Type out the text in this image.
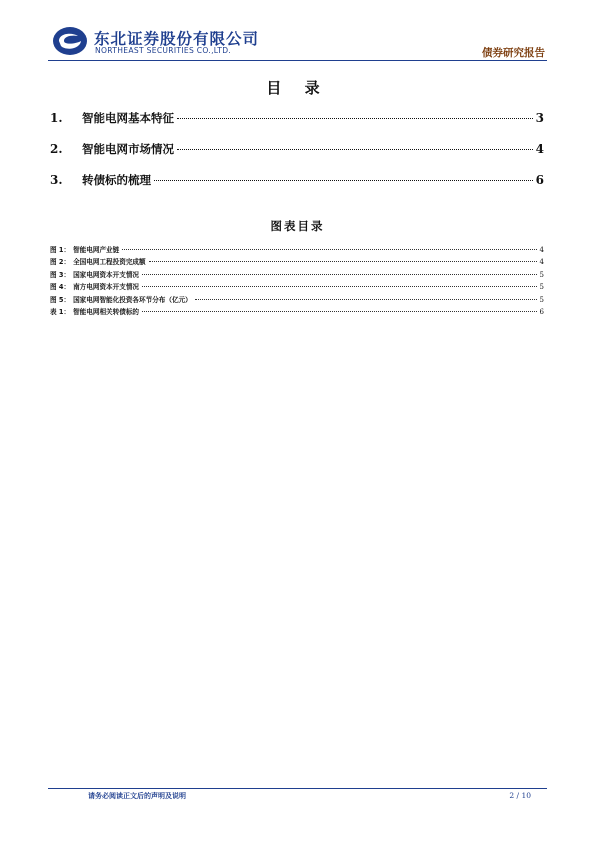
东北证券股份有限公司
NORTHEAST SECURITIES CO.,LTD.	债券研究报告
目 录
1.	智能电网基本特征	3
2.	智能电网市场情况	4
3.	转债标的梳理	6
图表目录
图 1： 智能电网产业链	4
图 2： 全国电网工程投资完成额	4
图 3： 国家电网资本开支情况	5
图 4： 南方电网资本开支情况	5
图 5： 国家电网智能化投资各环节分布（亿元）	5
表 1： 智能电网相关转债标的	6
请务必阅读正文后的声明及说明	2 / 10
